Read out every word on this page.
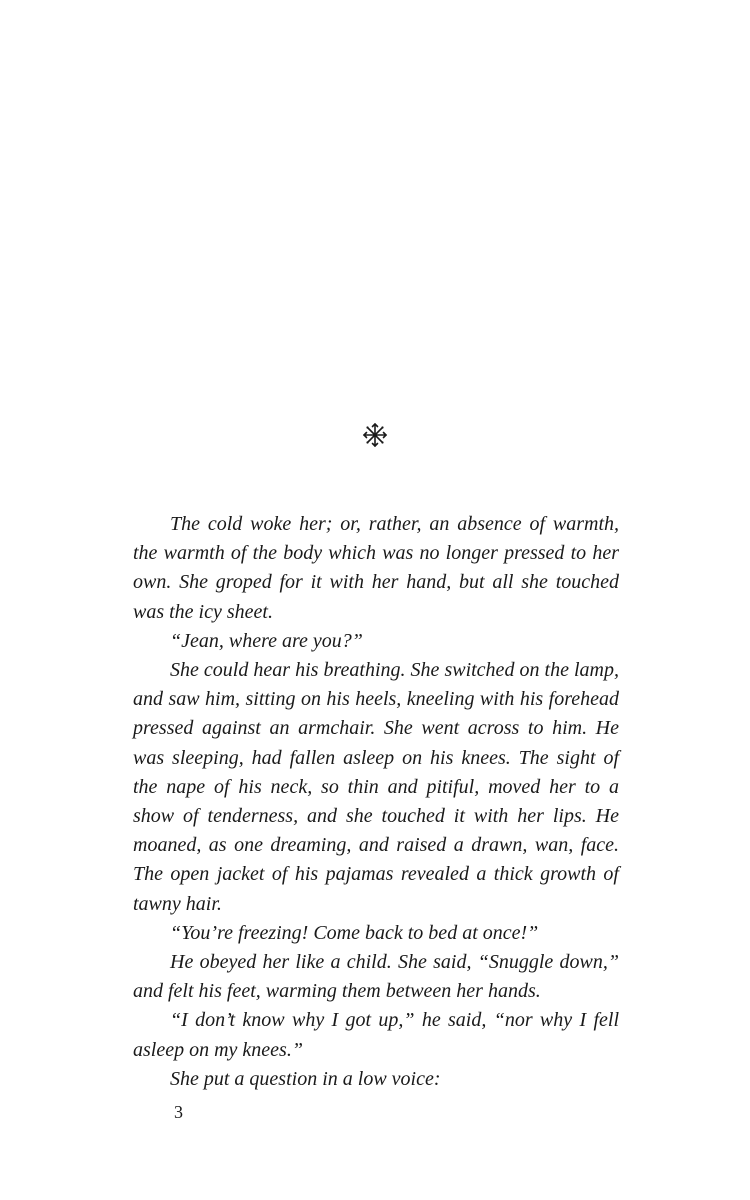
The cold woke her; or, rather, an absence of warmth, the warmth of the body which was no longer pressed to her own. She groped for it with her hand, but all she touched was the icy sheet.

“Jean, where are you?”

She could hear his breathing. She switched on the lamp, and saw him, sitting on his heels, kneeling with his forehead pressed against an armchair. She went across to him. He was sleeping, had fallen asleep on his knees. The sight of the nape of his neck, so thin and pitiful, moved her to a show of tenderness, and she touched it with her lips. He moaned, as one dreaming, and raised a drawn, wan, face. The open jacket of his pajamas revealed a thick growth of tawny hair.

“You’re freezing! Come back to bed at once!”

He obeyed her like a child. She said, “Snuggle down,” and felt his feet, warming them between her hands.

“I don’t know why I got up,” he said, “nor why I fell asleep on my knees.”

She put a question in a low voice:

3
